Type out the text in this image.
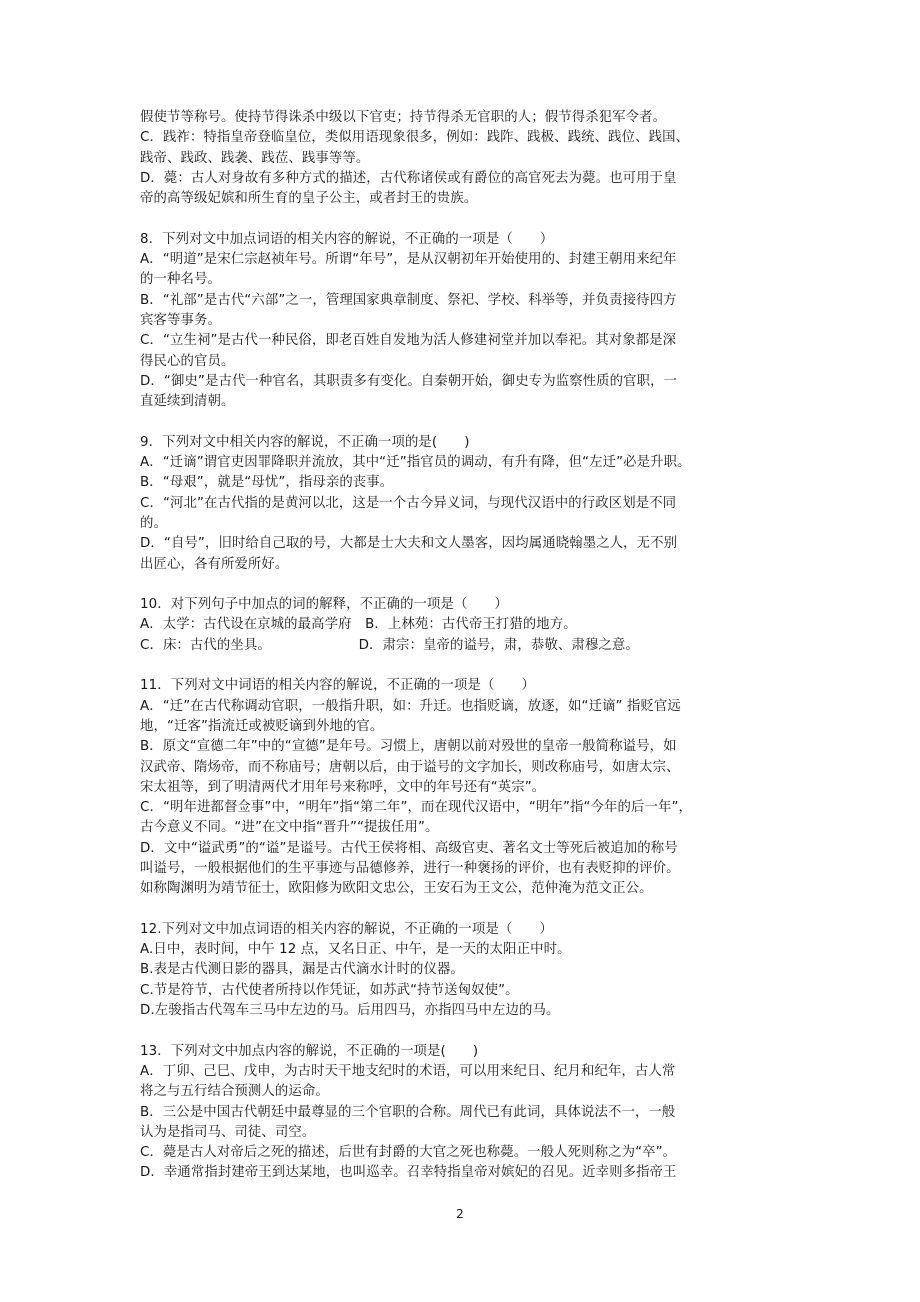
假使节等称号。使持节得诛杀中级以下官吏；持节得杀无官职的人；假节得杀犯军令者。
C．践祚：特指皇帝登临皇位，类似用语现象很多，例如：践阼、践极、践统、践位、践国、
践帝、践政、践袭、践莅、践事等等。
D．薨：古人对身故有多种方式的描述，古代称诸侯或有爵位的高官死去为薨。也可用于皇
帝的高等级妃嫔和所生育的皇子公主，或者封王的贵族。
8．下列对文中加点词语的相关内容的解说，不正确的一项是（　　）
A．“明道”是宋仁宗赵祯年号。所谓“年号”，是从汉朝初年开始使用的、封建王朝用来纪年
的一种名号。
B．“礼部”是古代“六部”之一，管理国家典章制度、祭祀、学校、科举等，并负责接待四方
宾客等事务。
C．“立生祠”是古代一种民俗，即老百姓自发地为活人修建祠堂并加以奉祀。其对象都是深
得民心的官员。
D．“御史”是古代一种官名，其职责多有变化。自秦朝开始，御史专为监察性质的官职，一
直延续到清朝。
9．下列对文中相关内容的解说，不正确一项的是(　　)
A．“迁谪”谓官吏因罪降职并流放，其中“迁”指官员的调动，有升有降，但“左迁”必是升职。
B．“母艰”，就是“母忧”，指母亲的丧事。
C．“河北”在古代指的是黄河以北，这是一个古今异义词，与现代汉语中的行政区划是不同
的。
D．“自号”，旧时给自己取的号，大都是士大夫和文人墨客，因均属通晓翰墨之人，无不别
出匠心，各有所爱所好。
10．对下列句子中加点的词的解释，不正确的一项是（　　）
A．太学：古代设在京城的最高学府　B．上林苑：古代帝王打猎的地方。
C．床：古代的坐具。　　　　　　　D．肃宗：皇帝的谥号，肃，恭敬、肃穆之意。
11．下列对文中词语的相关内容的解说，不正确的一项是（　　）
A．“迁”在古代称调动官职，一般指升职，如：升迁。也指贬谪，放逐，如“迁谪” 指贬官远
地，“迁客”指流迁或被贬谪到外地的官。
B．原文“宣德二年”中的“宣德”是年号。习惯上，唐朝以前对殁世的皇帝一般简称谥号，如
汉武帝、隋炀帝，而不称庙号；唐朝以后，由于谥号的文字加长，则改称庙号，如唐太宗、
宋太祖等，到了明清两代才用年号来称呼，文中的年号还有“英宗”。
C．“明年进都督佥事”中，“明年”指“第二年”，而在现代汉语中，“明年”指“今年的后一年”，
古今意义不同。“进”在文中指“晋升”“提拔任用”。
D．文中“谥武勇”的“谥”是谥号。古代王侯将相、高级官吏、著名文士等死后被追加的称号
叫谥号，一般根据他们的生平事迹与品德修养，进行一种褒扬的评价，也有表贬抑的评价。
如称陶渊明为靖节征士，欧阳修为欧阳文忠公，王安石为王文公，范仲淹为范文正公。
12.下列对文中加点词语的相关内容的解说，不正确的一项是（　　）
A.日中，表时间，中午 12 点，又名日正、中午，是一天的太阳正中时。
B.表是古代测日影的器具，漏是古代滴水计时的仪器。
C.节是符节，古代使者所持以作凭证，如苏武“持节送匈奴使”。
D.左骏指古代驾车三马中左边的马。后用四马，亦指四马中左边的马。
13．下列对文中加点内容的解说，不正确的一项是(　　)
A．丁卯、己巳、戊申，为古时天干地支纪时的术语，可以用来纪日、纪月和纪年，古人常
将之与五行结合预测人的运命。
B．三公是中国古代朝廷中最尊显的三个官职的合称。周代已有此词，具体说法不一，一般
认为是指司马、司徒、司空。
C．薨是古人对帝后之死的描述，后世有封爵的大官之死也称薨。一般人死则称之为“卒”。
D．幸通常指封建帝王到达某地，也叫巡幸。召幸特指皇帝对嫔妃的召见。近幸则多指帝王
2
